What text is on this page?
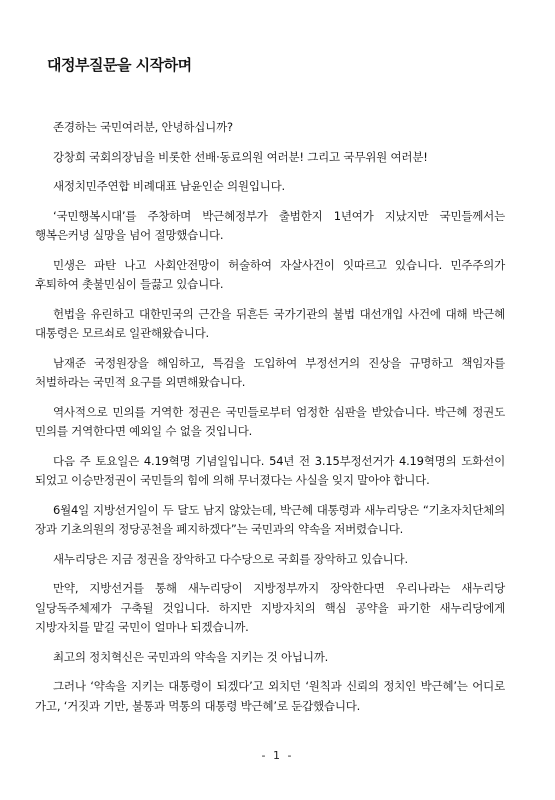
대정부질문을 시작하며

존경하는 국민여러분, 안녕하십니까?

강창희 국회의장님을 비롯한 선배·동료의원 여러분! 그리고 국무위원 여러분!

새정치민주연합 비례대표 남윤인순 의원입니다.

‘국민행복시대’를 주창하며 박근혜정부가 출범한지 1년여가 지났지만 국민들께서는 행복은커녕 실망을 넘어 절망했습니다.

민생은 파탄 나고 사회안전망이 허술하여 자살사건이 잇따르고 있습니다. 민주주의가 후퇴하여 촛불민심이 들끓고 있습니다.

헌법을 유린하고 대한민국의 근간을 뒤흔든 국가기관의 불법 대선개입 사건에 대해 박근혜 대통령은 모르쇠로 일관해왔습니다.

남재준 국정원장을 해임하고, 특검을 도입하여 부정선거의 진상을 규명하고 책임자를 처벌하라는 국민적 요구를 외면해왔습니다.

역사적으로 민의를 거역한 정권은 국민들로부터 엄정한 심판을 받았습니다. 박근혜 정권도 민의를 거역한다면 예외일 수 없을 것입니다.

다음 주 토요일은 4.19혁명 기념일입니다. 54년 전 3.15부정선거가 4.19혁명의 도화선이 되었고 이승만정권이 국민들의 힘에 의해 무너졌다는 사실을 잊지 말아야 합니다.

6월4일 지방선거일이 두 달도 남지 않았는데, 박근혜 대통령과 새누리당은 “기초자치단체의 장과 기초의원의 정당공천을 폐지하겠다”는 국민과의 약속을 저버렸습니다.

새누리당은 지금 정권을 장악하고 다수당으로 국회를 장악하고 있습니다.

만약, 지방선거를 통해 새누리당이 지방정부까지 장악한다면 우리나라는 새누리당 일당독주체제가 구축될 것입니다. 하지만 지방자치의 핵심 공약을 파기한 새누리당에게 지방자치를 맡길 국민이 얼마나 되겠습니까.

최고의 정치혁신은 국민과의 약속을 지키는 것 아닙니까.

그러나 ‘약속을 지키는 대통령이 되겠다’고 외치던 ‘원칙과 신뢰의 정치인 박근혜’는 어디로 가고, ‘거짓과 기만, 불통과 먹통의 대통령 박근혜’로 둔갑했습니다.

- 1 -
